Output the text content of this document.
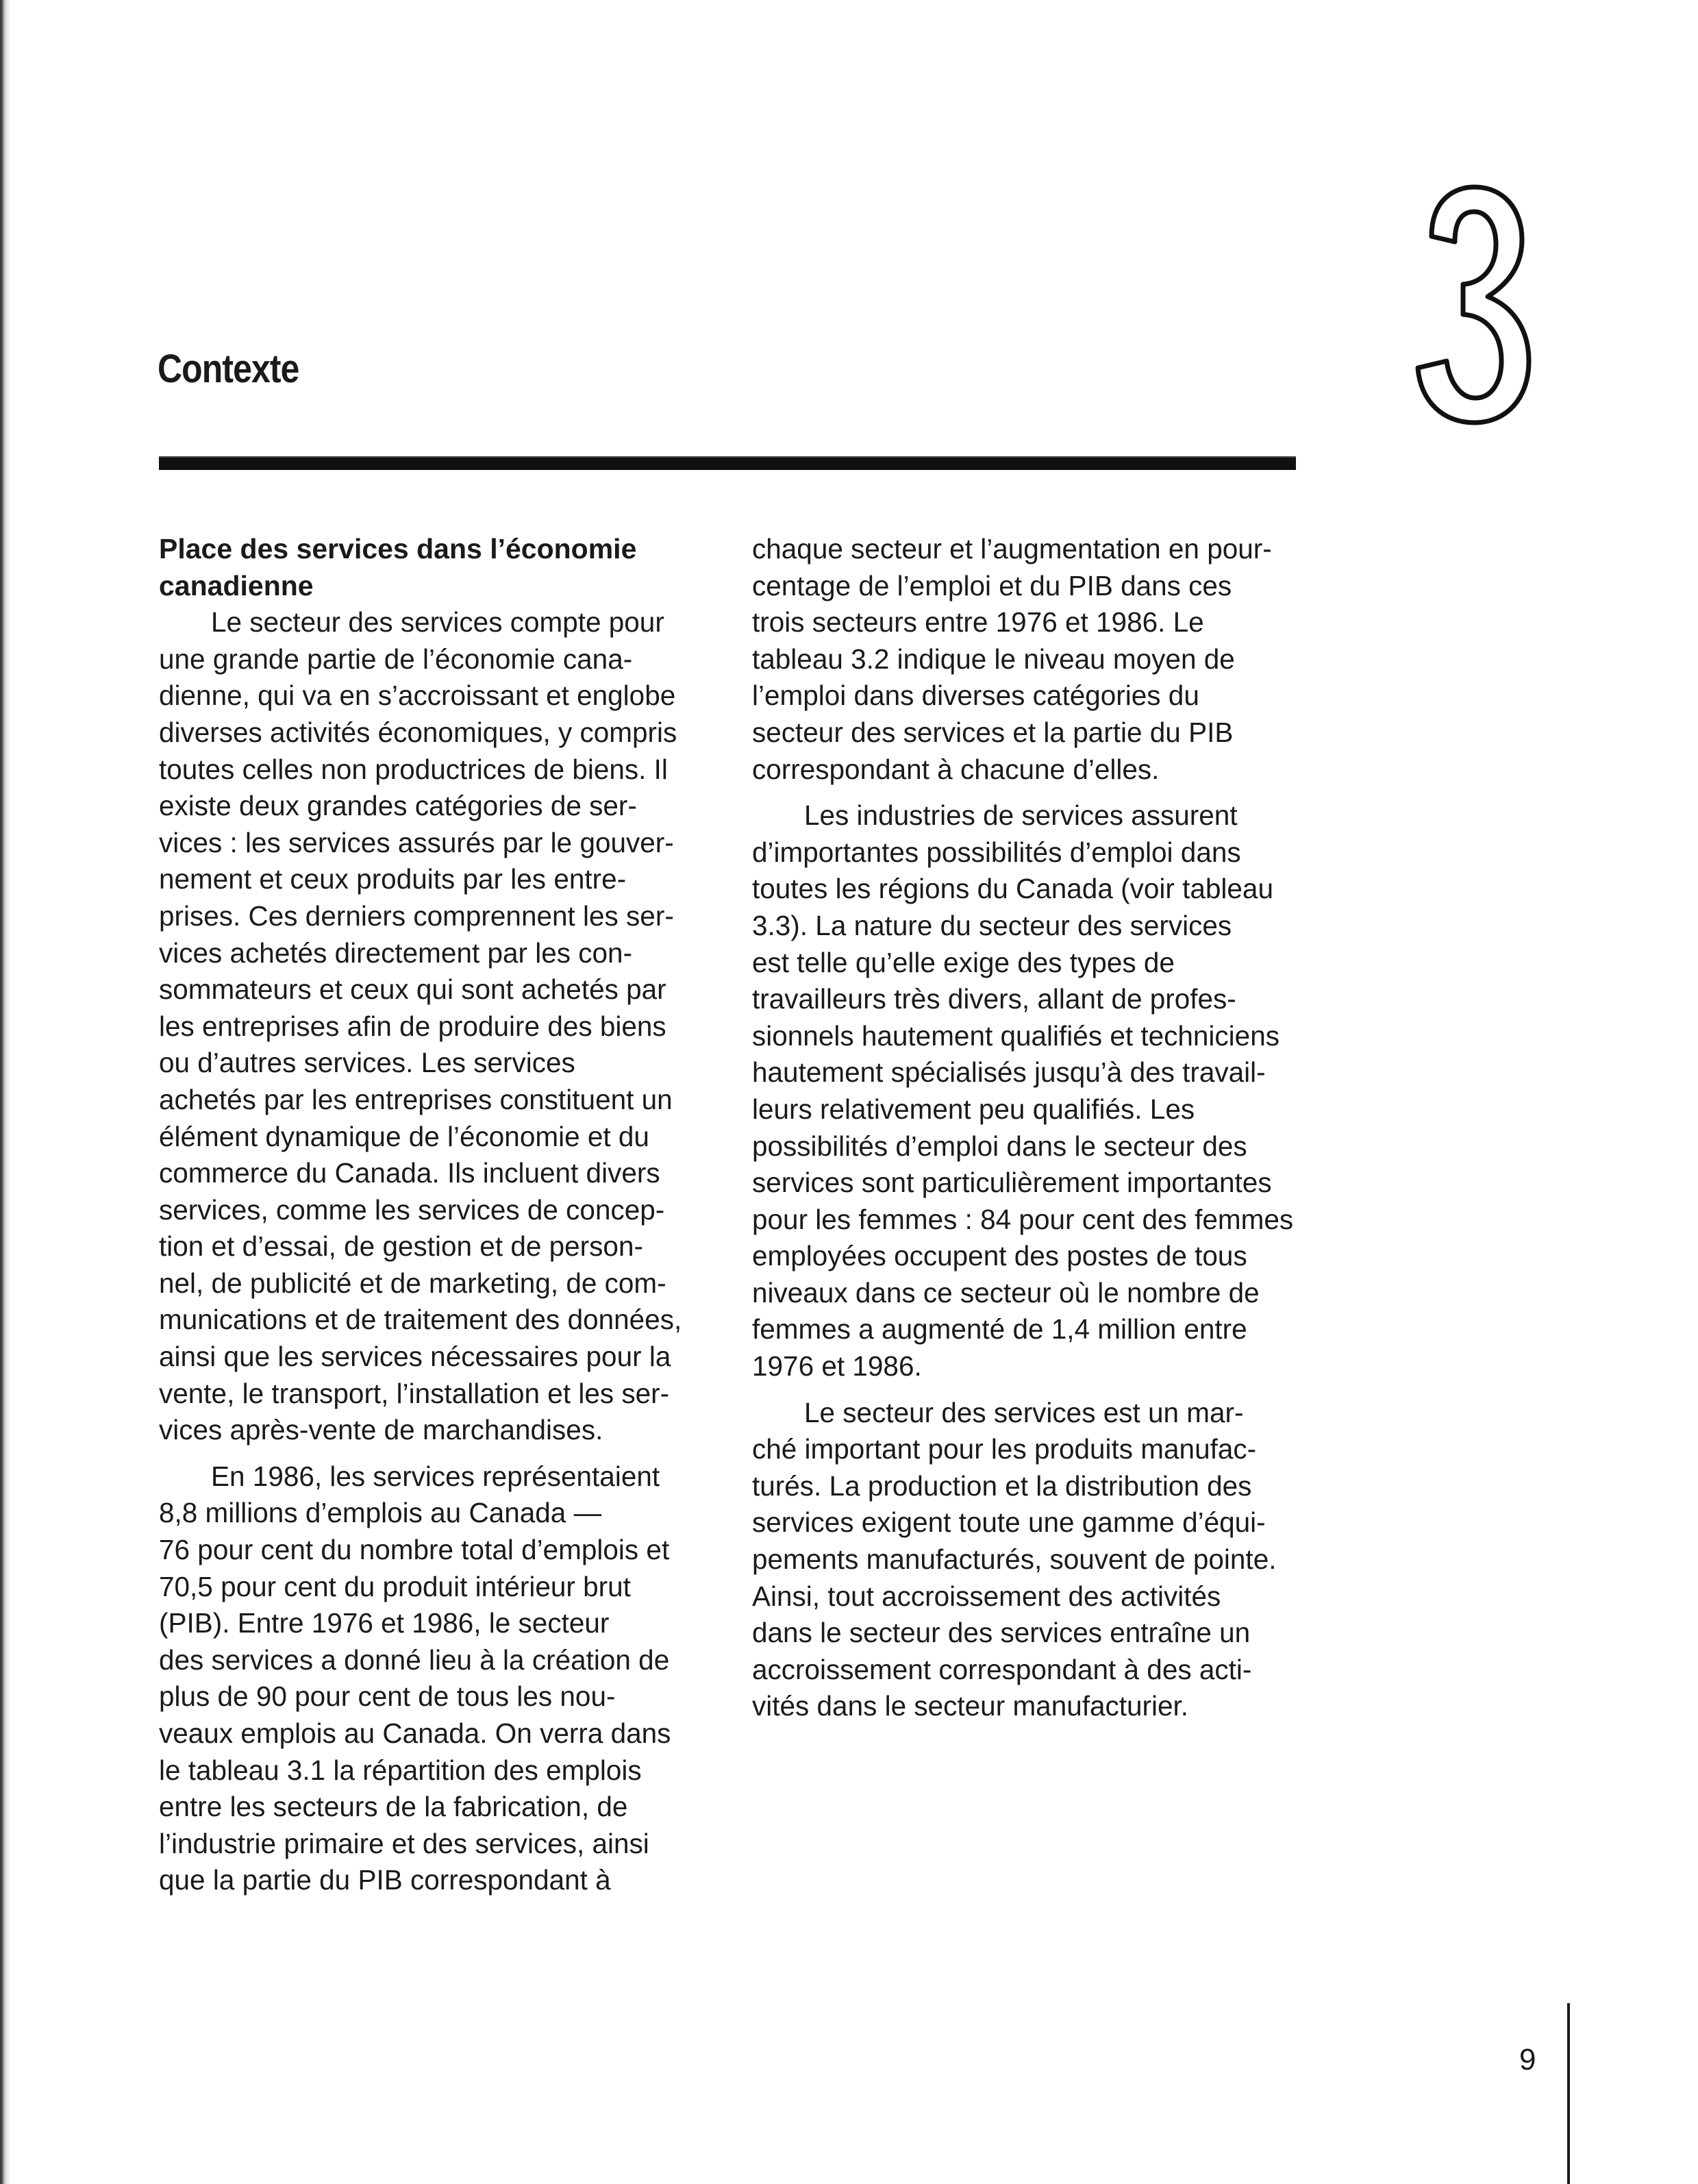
Contexte

Place des services dans l’économie
canadienne

Le secteur des services compte pour
une grande partie de l’économie cana-
dienne, qui va en s’accroissant et englobe
diverses activités économiques, y compris
toutes celles non productrices de biens. Il
existe deux grandes catégories de ser-
vices : les services assurés par le gouver-
nement et ceux produits par les entre-
prises. Ces derniers comprennent les ser-
vices achetés directement par les con-
sommateurs et ceux qui sont achetés par
les entreprises afin de produire des biens
ou d’autres services. Les services
achetés par les entreprises constituent un
élément dynamique de l’économie et du
commerce du Canada. Ils incluent divers
services, comme les services de concep-
tion et d’essai, de gestion et de person-
nel, de publicité et de marketing, de com-
munications et de traitement des données,
ainsi que les services nécessaires pour la
vente, le transport, l’installation et les ser-
vices après-vente de marchandises.

En 1986, les services représentaient
8,8 millions d’emplois au Canada —
76 pour cent du nombre total d’emplois et
70,5 pour cent du produit intérieur brut
(PIB). Entre 1976 et 1986, le secteur
des services a donné lieu à la création de
plus de 90 pour cent de tous les nou-
veaux emplois au Canada. On verra dans
le tableau 3.1 la répartition des emplois
entre les secteurs de la fabrication, de
l’industrie primaire et des services, ainsi
que la partie du PIB correspondant à

chaque secteur et l’augmentation en pour-
centage de l’emploi et du PIB dans ces
trois secteurs entre 1976 et 1986. Le
tableau 3.2 indique le niveau moyen de
l’emploi dans diverses catégories du
secteur des services et la partie du PIB
correspondant à chacune d’elles.

Les industries de services assurent
d’importantes possibilités d’emploi dans
toutes les régions du Canada (voir tableau
3.3). La nature du secteur des services
est telle qu’elle exige des types de
travailleurs très divers, allant de profes-
sionnels hautement qualifiés et techniciens
hautement spécialisés jusqu’à des travail-
leurs relativement peu qualifiés. Les
possibilités d’emploi dans le secteur des
services sont particulièrement importantes
pour les femmes : 84 pour cent des femmes
employées occupent des postes de tous
niveaux dans ce secteur où le nombre de
femmes a augmenté de 1,4 million entre
1976 et 1986.

Le secteur des services est un mar-
ché important pour les produits manufac-
turés. La production et la distribution des
services exigent toute une gamme d’équi-
pements manufacturés, souvent de pointe.
Ainsi, tout accroissement des activités
dans le secteur des services entraîne un
accroissement correspondant à des acti-
vités dans le secteur manufacturier.

9
